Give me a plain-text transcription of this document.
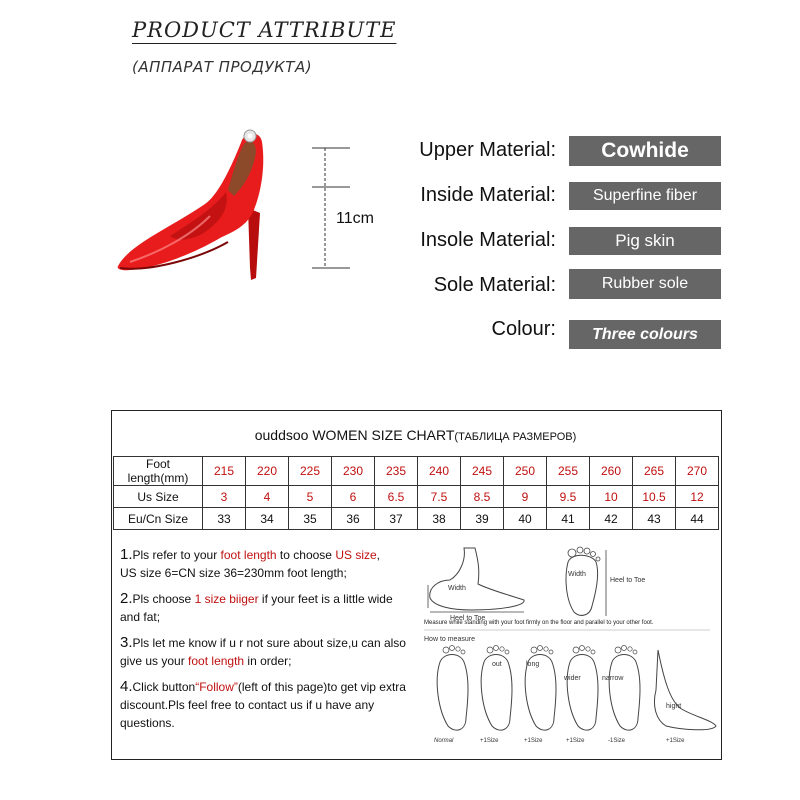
PRODUCT ATTRIBUTE
(АППАРАТ ПРОДУКТА)
11cm
Upper Material:	Cowhide
Inside Material:	Superfine fiber
Insole Material:	Pig skin
Sole Material:	Rubber sole
Colour:	Three colours
ouddsoo WOMEN SIZE CHART(ТАБЛИЦА РАЗМЕРОВ)
Foot length(mm)	215	220	225	230	235	240	245	250	255	260	265	270
Us Size	3	4	5	6	6.5	7.5	8.5	9	9.5	10	10.5	12
Eu/Cn Size	33	34	35	36	37	38	39	40	41	42	43	44

1.Pls refer to your foot length to choose US size,
US size 6=CN size 36=230mm foot length;

2.Pls choose 1 size biiger if your feet is a little wide and fat;

3.Pls let me know if u r not sure about size,u can also give us your foot length in order;

4.Click button“Follow”(left of this page)to get vip extra discount.Pls feel free to contact us if u have any questions.

Width
Heel to Toe
Width
Heel to Toe
Measure while standing with your foot firmly on the floor and parallel to your other foot.
How to measure
out	long
wider	narrow
hight
Normal	+1Size	+1Size	+1Size	-1Size	+1Size
